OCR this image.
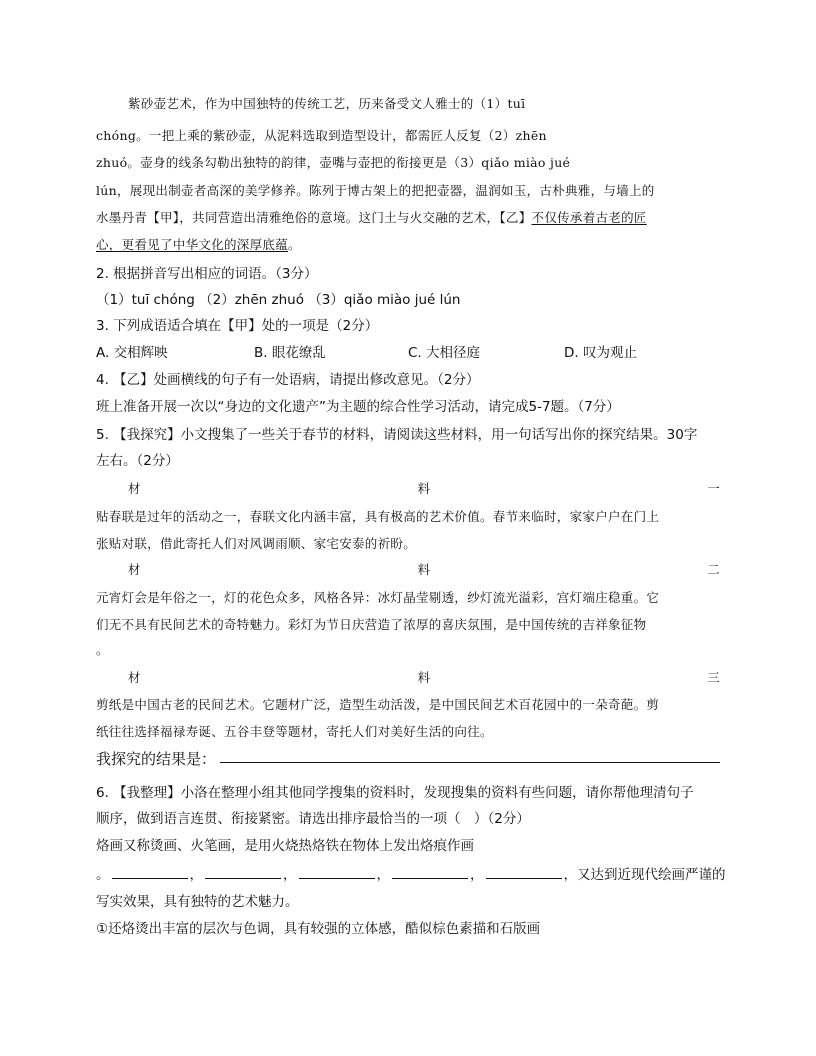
紫砂壶艺术，作为中国独特的传统工艺，历来备受文人雅士的（1）tuī
chóng。一把上乘的紫砂壶，从泥料选取到造型设计，都需匠人反复（2）zhēn
zhuó。壶身的线条勾勒出独特的韵律，壶嘴与壶把的衔接更是（3）qiǎo miào jué
lún，展现出制壶者高深的美学修养。陈列于博古架上的把把壶器，温润如玉，古朴典雅，与墙上的
水墨丹青【甲】，共同营造出清雅绝俗的意境。这门土与火交融的艺术，【乙】不仅传承着古老的匠
心，更看见了中华文化的深厚底蕴。
2. 根据拼音写出相应的词语。（3分）
（1）tuī chóng （2）zhēn zhuó （3）qiǎo miào jué lún
3. 下列成语适合填在【甲】处的一项是（2分）
A. 交相辉映	B. 眼花缭乱	C. 大相径庭	D. 叹为观止
4. 【乙】处画横线的句子有一处语病，请提出修改意见。（2分）
班上准备开展一次以“身边的文化遗产”为主题的综合性学习活动，请完成5-7题。（7分）
5. 【我探究】小文搜集了一些关于春节的材料，请阅读这些材料，用一句话写出你的探究结果。30字
左右。（2分）
材	料	一
贴春联是过年的活动之一，春联文化内涵丰富，具有极高的艺术价值。春节来临时，家家户户在门上
张贴对联，借此寄托人们对风调雨顺、家宅安泰的祈盼。
材	料	二
元宵灯会是年俗之一，灯的花色众多，风格各异：冰灯晶莹剔透，纱灯流光溢彩，宫灯端庄稳重。它
们无不具有民间艺术的奇特魅力。彩灯为节日庆营造了浓厚的喜庆氛围，是中国传统的吉祥象征物
。
材	料	三
剪纸是中国古老的民间艺术。它题材广泛，造型生动活泼，是中国民间艺术百花园中的一朵奇葩。剪
纸往往选择福禄寿诞、五谷丰登等题材，寄托人们对美好生活的向往。
我探究的结果是：
6. 【我整理】小洛在整理小组其他同学搜集的资料时，发现搜集的资料有些问题，请你帮他理清句子
顺序，做到语言连贯、衔接紧密。请选出排序最恰当的一项（　）（2分）
烙画又称烫画、火笔画，是用火烧热烙铁在物体上发出烙痕作画
。	，	，	，	，	，又达到近现代绘画严谨的
写实效果，具有独特的艺术魅力。
①还烙烫出丰富的层次与色调，具有较强的立体感，酷似棕色素描和石版画
